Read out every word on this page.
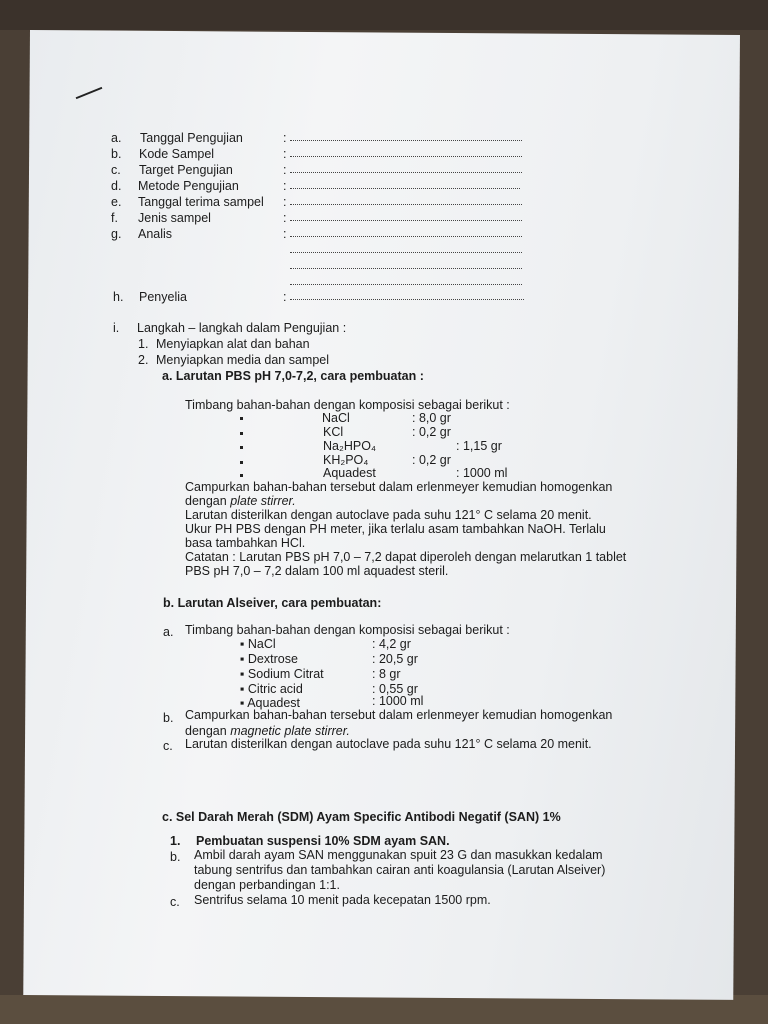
a. Tanggal Pengujian	:
b. Kode Sampel	:
c. Target Pengujian	:
d. Metode Pengujian	:
e. Tanggal terima sampel :
f. Jenis sampel	:
g. Analis	:
h. Penyelia	:
i. Langkah – langkah dalam Pengujian :
1. Menyiapkan alat dan bahan
2. Menyiapkan media dan sampel
a. Larutan PBS pH 7,0-7,2, cara pembuatan :
Timbang bahan-bahan dengan komposisi sebagai berikut :
NaCl	: 8,0 gr
KCl	: 0,2 gr
Na₂HPO₄	: 1,15 gr
KH₂PO₄	: 0,2 gr
Aquadest	: 1000 ml
Campurkan bahan-bahan tersebut dalam erlenmeyer kemudian homogenkan
dengan plate stirrer.
Larutan disterilkan dengan autoclave pada suhu 121° C selama 20 menit.
Ukur PH PBS dengan PH meter, jika terlalu asam tambahkan NaOH. Terlalu
basa tambahkan HCl.
Catatan : Larutan PBS pH 7,0 – 7,2 dapat diperoleh dengan melarutkan 1 tablet
PBS pH 7,0 – 7,2 dalam 100 ml aquadest steril.
b. Larutan Alseiver, cara pembuatan:
a. Timbang bahan-bahan dengan komposisi sebagai berikut :
▪ NaCl	: 4,2 gr
▪ Dextrose	: 20,5 gr
▪ Sodium Citrat	: 8 gr
▪ Citric acid	: 0,55 gr
▪ Aquadest	: 1000 ml
b. Campurkan bahan-bahan tersebut dalam erlenmeyer kemudian homogenkan
dengan magnetic plate stirrer.
c. Larutan disterilkan dengan autoclave pada suhu 121° C selama 20 menit.
c. Sel Darah Merah (SDM) Ayam Specific Antibodi Negatif (SAN) 1%
1. Pembuatan suspensi 10% SDM ayam SAN.
b. Ambil darah ayam SAN menggunakan spuit 23 G dan masukkan kedalam
tabung sentrifus dan tambahkan cairan anti koagulansia (Larutan Alseiver)
dengan perbandingan 1:1.
c. Sentrifus selama 10 menit pada kecepatan 1500 rpm.
